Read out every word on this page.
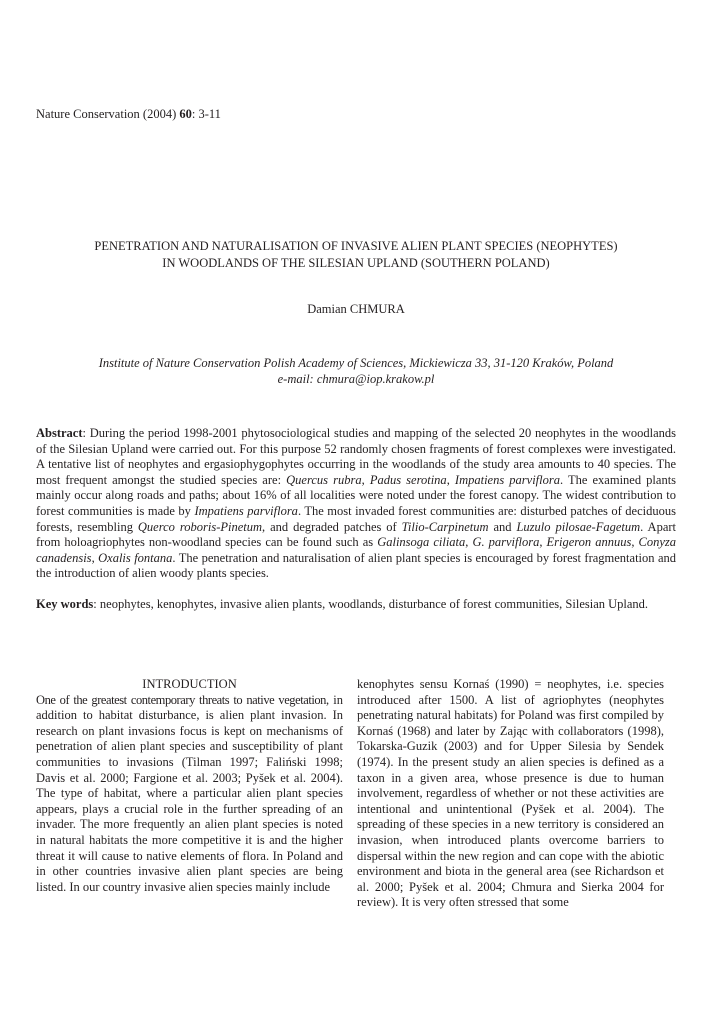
Nature Conservation (2004) 60: 3-11
PENETRATION AND NATURALISATION OF INVASIVE ALIEN PLANT SPECIES (NEOPHYTES)
IN WOODLANDS OF THE SILESIAN UPLAND (SOUTHERN POLAND)
Damian CHMURA
Institute of Nature Conservation Polish Academy of Sciences, Mickiewicza 33, 31-120 Kraków, Poland
e-mail: chmura@iop.krakow.pl

Abstract: During the period 1998-2001 phytosociological studies and mapping of the selected 20 neophytes in the woodlands of the Silesian Upland were carried out. For this purpose 52 randomly chosen fragments of forest complexes were investigated. A tentative list of neophytes and ergasiophygophytes occurring in the woodlands of the study area amounts to 40 species. The most frequent amongst the studied species are: Quercus rubra, Padus serotina, Impatiens parviflora. The examined plants mainly occur along roads and paths; about 16% of all localities were noted under the forest canopy. The widest contribution to forest communities is made by Impatiens parviflora. The most invaded forest communities are: disturbed patches of deciduous forests, resembling Querco roboris-Pinetum, and degraded patches of Tilio-Carpinetum and Luzulo pilosae-Fagetum. Apart from holoagriophytes non-woodland species can be found such as Galinsoga ciliata, G. parviflora, Erigeron annuus, Conyza canadensis, Oxalis fontana. The penetration and naturalisation of alien plant species is encouraged by forest fragmentation and the introduction of alien woody plants species.

Key words: neophytes, kenophytes, invasive alien plants, woodlands, disturbance of forest communities, Silesian Upland.

INTRODUCTION

One of the greatest contemporary threats to native vegetation, in addition to habitat disturbance, is alien plant invasion. In research on plant invasions focus is kept on mechanisms of penetration of alien plant species and susceptibility of plant communities to invasions (Tilman 1997; Faliński 1998; Davis et al. 2000; Fargione et al. 2003; Pyšek et al. 2004). The type of habitat, where a particular alien plant species appears, plays a crucial role in the further spreading of an invader. The more frequently an alien plant species is noted in natural habitats the more competitive it is and the higher threat it will cause to native elements of flora. In Poland and in other countries invasive alien plant species are being listed. In our country invasive alien species mainly include

kenophytes sensu Kornaś (1990) = neophytes, i.e. species introduced after 1500. A list of agriophytes (neophytes penetrating natural habitats) for Poland was first compiled by Kornaś (1968) and later by Zając with collaborators (1998), Tokarska-Guzik (2003) and for Upper Silesia by Sendek (1974). In the present study an alien species is defined as a taxon in a given area, whose presence is due to human involvement, regardless of whether or not these activities are intentional and unintentional (Pyšek et al. 2004). The spreading of these species in a new territory is considered an invasion, when introduced plants overcome barriers to dispersal within the new region and can cope with the abiotic environment and biota in the general area (see Richardson et al. 2000; Pyšek et al. 2004; Chmura and Sierka 2004 for review). It is very often stressed that some
